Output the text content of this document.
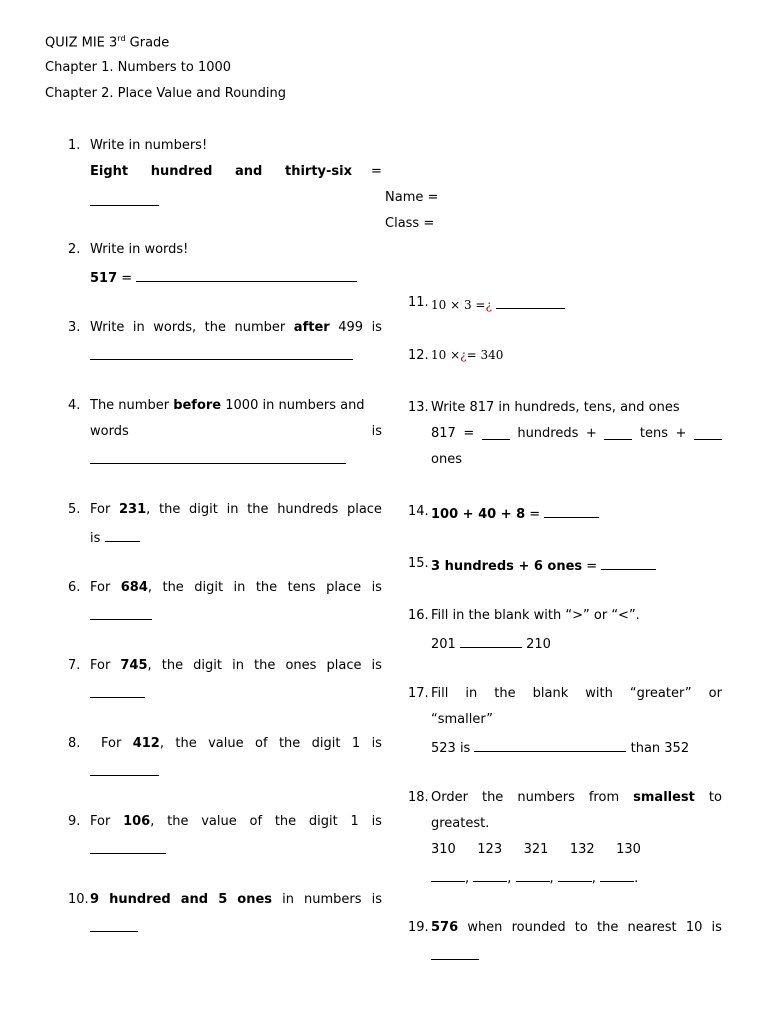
QUIZ MIE 3rd Grade
Chapter 1. Numbers to 1000
Chapter 2. Place Value and Rounding
Name =
Class =
1. Write in numbers!
Eight hundred and thirty-six =
2. Write in words!
517 =
3. Write in words, the number after 499 is
4. The number before 1000 in numbers and
words	is
5. For 231, the digit in the hundreds place
is
6. For 684, the digit in the tens place is
7. For 745, the digit in the ones place is
8. For 412, the value of the digit 1 is
9. For 106, the value of the digit 1 is
10. 9 hundred and 5 ones in numbers is
11. 10 × 3 =¿
12. 10 ×¿= 340
13. Write 817 in hundreds, tens, and ones
817 =	hundreds +	tens +
ones
14. 100 + 40 + 8 =
15. 3 hundreds + 6 ones =
16. Fill in the blank with “>” or “<”.
201	210
17. Fill in the blank with “greater” or
“smaller”
523 is	than 352
18. Order the numbers from smallest to
greatest.
310 123 321 132 130
,	,	,	,	.
19. 576 when rounded to the nearest 10 is
